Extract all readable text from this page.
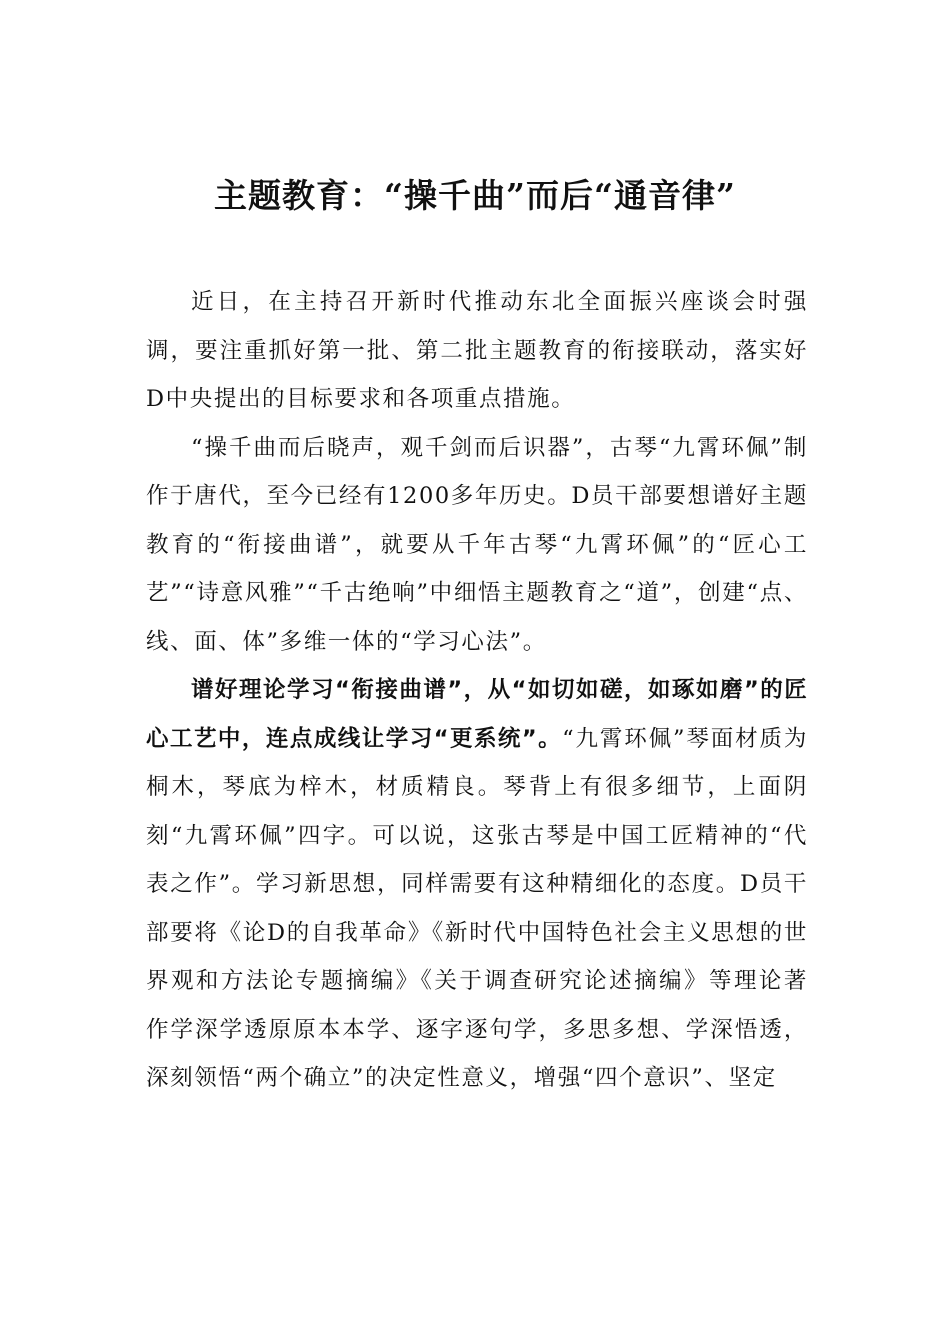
主题教育：“操千曲”而后“通音律”

近日，在主持召开新时代推动东北全面振兴座谈会时强调，要注重抓好第一批、第二批主题教育的衔接联动，落实好D中央提出的目标要求和各项重点措施。

“操千曲而后晓声，观千剑而后识器”，古琴“九霄环佩”制作于唐代，至今已经有1200多年历史。D员干部要想谱好主题教育的“衔接曲谱”，就要从千年古琴“九霄环佩”的“匠心工艺”“诗意风雅”“千古绝响”中细悟主题教育之“道”，创建“点、线、面、体”多维一体的“学习心法”。

谱好理论学习“衔接曲谱”，从“如切如磋，如琢如磨”的匠心工艺中，连点成线让学习“更系统”。“九霄环佩”琴面材质为桐木，琴底为梓木，材质精良。琴背上有很多细节，上面阴刻“九霄环佩”四字。可以说，这张古琴是中国工匠精神的“代表之作”。学习新思想，同样需要有这种精细化的态度。D员干部要将《论D的自我革命》《新时代中国特色社会主义思想的世界观和方法论专题摘编》《关于调查研究论述摘编》等理论著作学深学透原原本本学、逐字逐句学，多思多想、学深悟透，深刻领悟“两个确立”的决定性意义，增强“四个意识”、坚定
